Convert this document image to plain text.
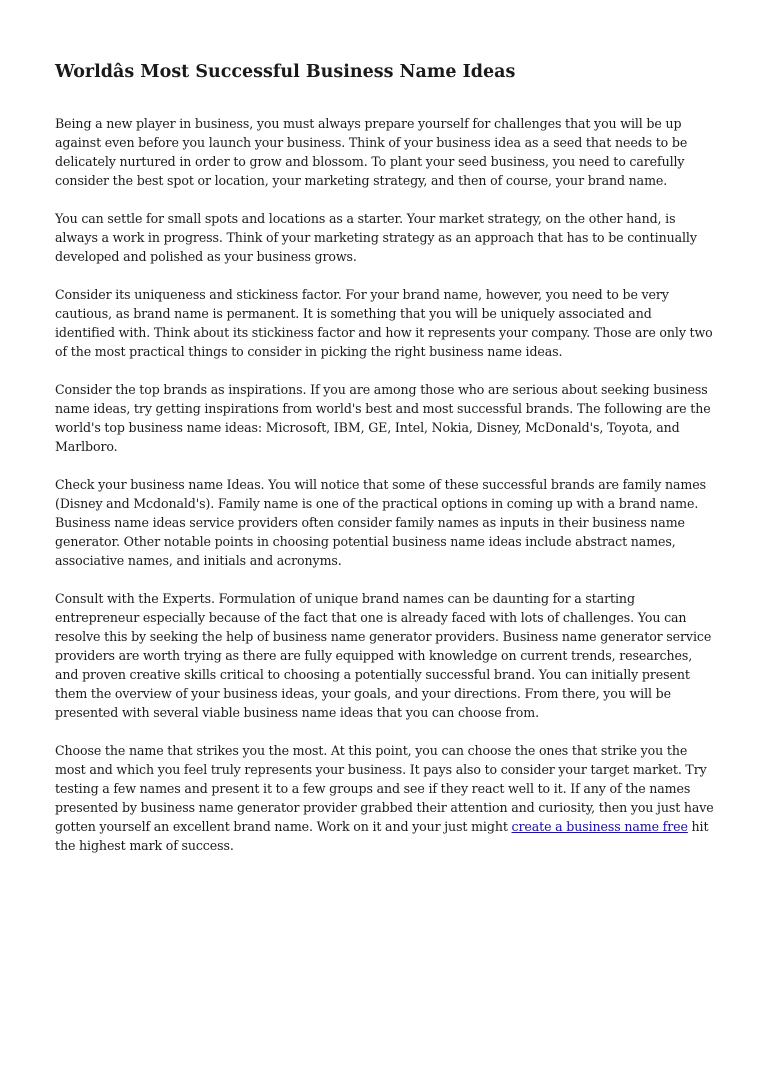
Worldâs Most Successful Business Name Ideas

Being a new player in business, you must always prepare yourself for challenges that you will be up against even before you launch your business. Think of your business idea as a seed that needs to be delicately nurtured in order to grow and blossom. To plant your seed business, you need to carefully consider the best spot or location, your marketing strategy, and then of course, your brand name.

You can settle for small spots and locations as a starter. Your market strategy, on the other hand, is always a work in progress. Think of your marketing strategy as an approach that has to be continually developed and polished as your business grows.

Consider its uniqueness and stickiness factor. For your brand name, however, you need to be very cautious, as brand name is permanent. It is something that you will be uniquely associated and identified with. Think about its stickiness factor and how it represents your company. Those are only two of the most practical things to consider in picking the right business name ideas.

Consider the top brands as inspirations. If you are among those who are serious about seeking business name ideas, try getting inspirations from world's best and most successful brands. The following are the world's top business name ideas: Microsoft, IBM, GE, Intel, Nokia, Disney, McDonald's, Toyota, and Marlboro.

Check your business name Ideas. You will notice that some of these successful brands are family names (Disney and Mcdonald's). Family name is one of the practical options in coming up with a brand name. Business name ideas service providers often consider family names as inputs in their business name generator. Other notable points in choosing potential business name ideas include abstract names, associative names, and initials and acronyms.

Consult with the Experts. Formulation of unique brand names can be daunting for a starting entrepreneur especially because of the fact that one is already faced with lots of challenges. You can resolve this by seeking the help of business name generator providers. Business name generator service providers are worth trying as there are fully equipped with knowledge on current trends, researches, and proven creative skills critical to choosing a potentially successful brand. You can initially present them the overview of your business ideas, your goals, and your directions. From there, you will be presented with several viable business name ideas that you can choose from.

Choose the name that strikes you the most. At this point, you can choose the ones that strike you the most and which you feel truly represents your business. It pays also to consider your target market. Try testing a few names and present it to a few groups and see if they react well to it. If any of the names presented by business name generator provider grabbed their attention and curiosity, then you just have gotten yourself an excellent brand name. Work on it and your just might create a business name free hit the highest mark of success.
